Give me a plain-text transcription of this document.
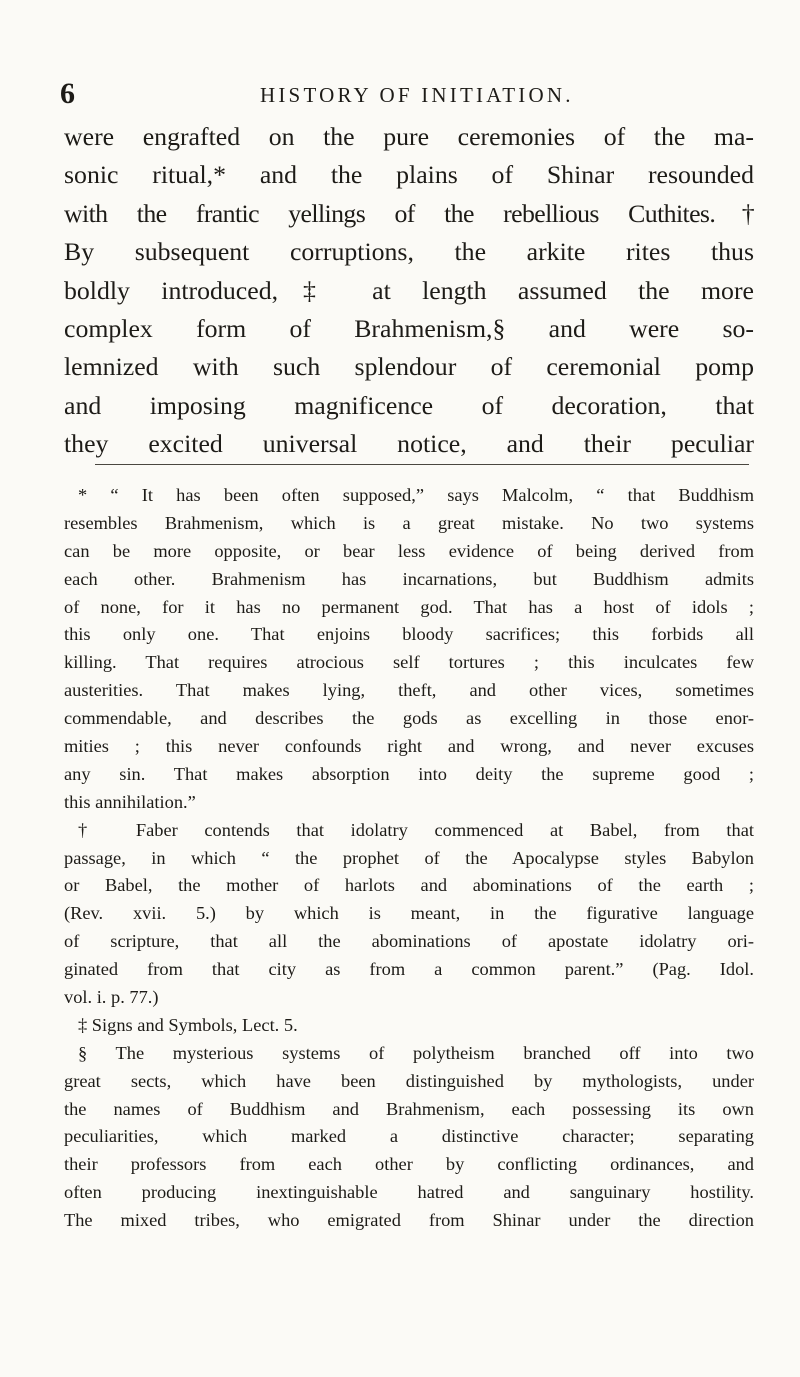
6	HISTORY OF INITIATION.
were engrafted on the pure ceremonies of the ma-
sonic ritual,* and the plains of Shinar resounded
with the frantic yellings of the rebellious Cuthites.†
By subsequent corruptions, the arkite rites thus
boldly introduced,‡ at length assumed the more
complex form of Brahmenism,§ and were so-
lemnized with such splendour of ceremonial pomp
and imposing magnificence of decoration, that
they excited universal notice, and their peculiar
* “ It has been often supposed,” says Malcolm, “ that Buddhism
resembles Brahmenism, which is a great mistake. No two systems
can be more opposite, or bear less evidence of being derived from
each other. Brahmenism has incarnations, but Buddhism admits
of none, for it has no permanent god. That has a host of idols ;
this only one. That enjoins bloody sacrifices; this forbids all
killing. That requires atrocious self tortures ; this inculcates few
austerities. That makes lying, theft, and other vices, sometimes
commendable, and describes the gods as excelling in those enor-
mities ; this never confounds right and wrong, and never excuses
any sin. That makes absorption into deity the supreme good ;
this annihilation.”
† Faber contends that idolatry commenced at Babel, from that
passage, in which “ the prophet of the Apocalypse styles Babylon
or Babel, the mother of harlots and abominations of the earth ;
(Rev. xvii. 5.) by which is meant, in the figurative language
of scripture, that all the abominations of apostate idolatry ori-
ginated from that city as from a common parent.” (Pag. Idol.
vol. i. p. 77.)
‡ Signs and Symbols, Lect. 5.
§ The mysterious systems of polytheism branched off into two
great sects, which have been distinguished by mythologists, under
the names of Buddhism and Brahmenism, each possessing its own
peculiarities, which marked a distinctive character; separating
their professors from each other by conflicting ordinances, and
often producing inextinguishable hatred and sanguinary hostility.
The mixed tribes, who emigrated from Shinar under the direction
